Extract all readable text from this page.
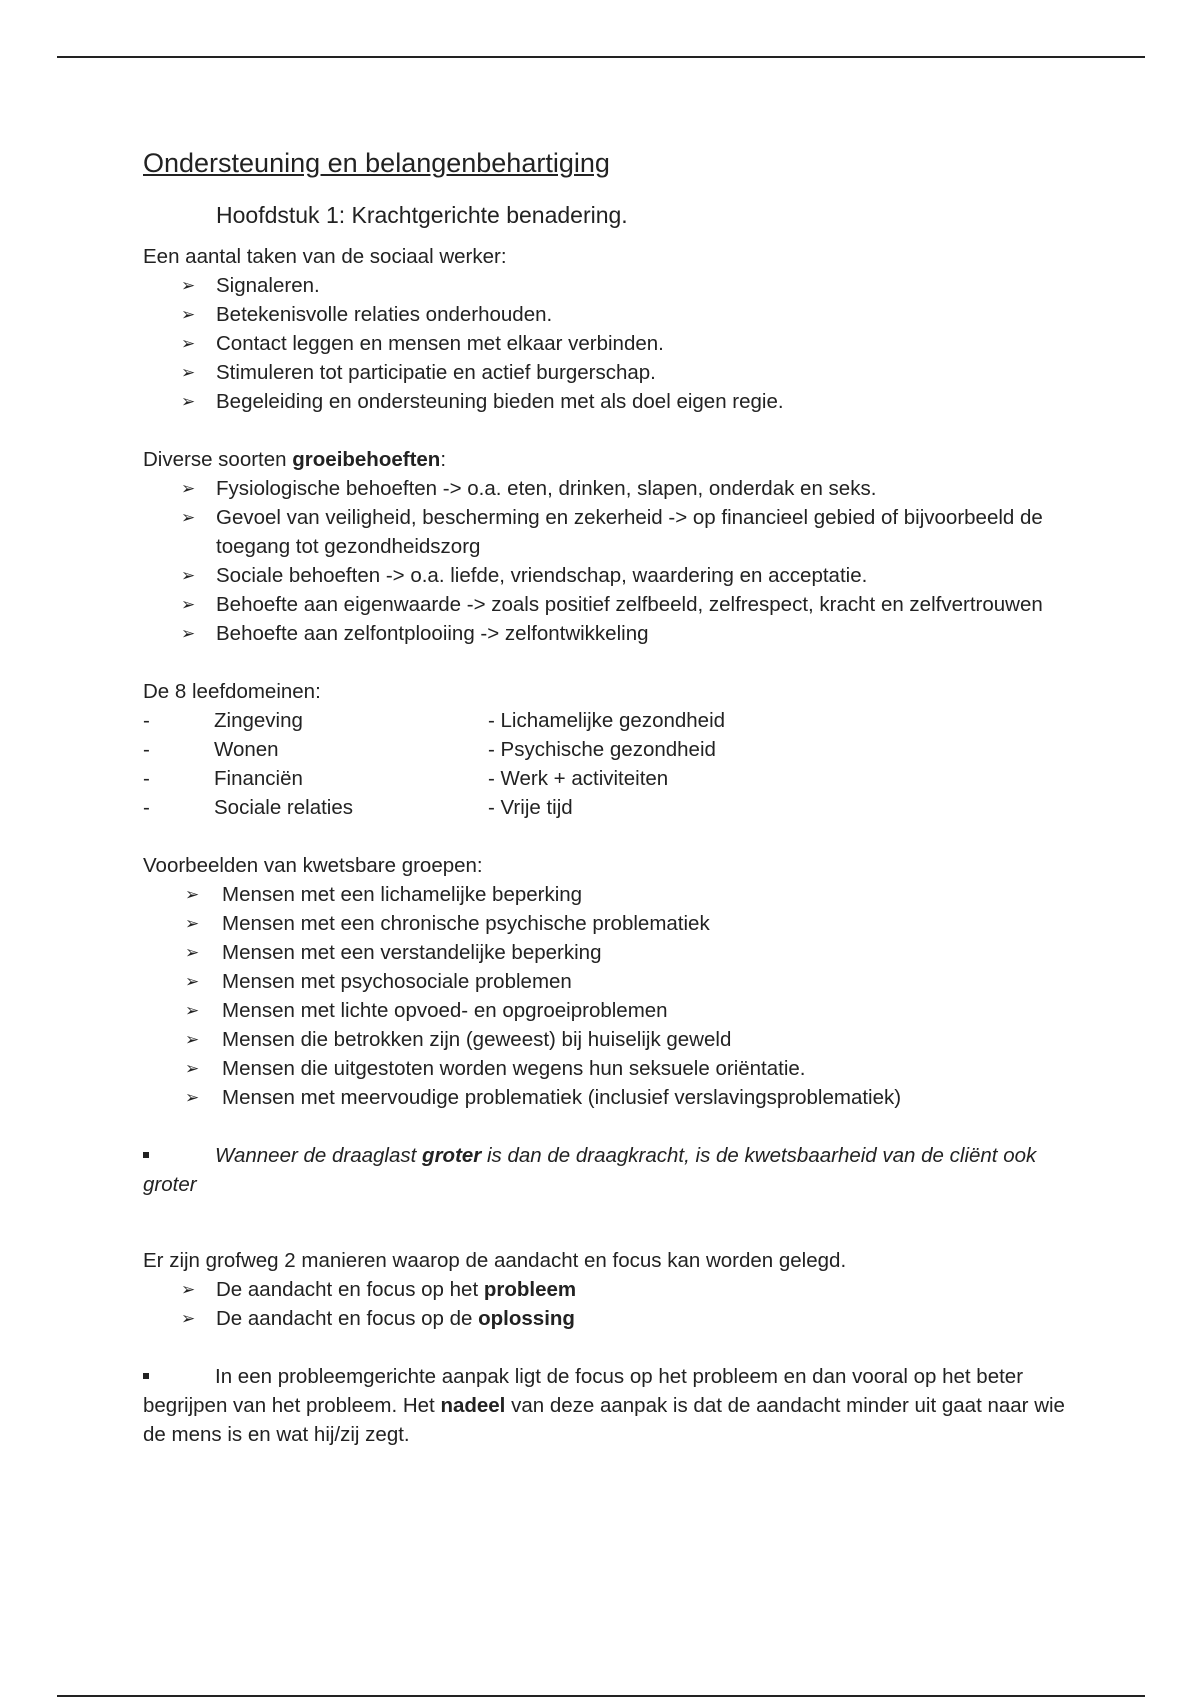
Ondersteuning en belangenbehartiging
Hoofdstuk 1: Krachtgerichte benadering.

Een aantal taken van de sociaal werker:

➢ Signaleren.
➢ Betekenisvolle relaties onderhouden.
➢ Contact leggen en mensen met elkaar verbinden.
➢ Stimuleren tot participatie en actief burgerschap.
➢ Begeleiding en ondersteuning bieden met als doel eigen regie.

Diverse soorten groeibehoeften:

➢ Fysiologische behoeften -> o.a. eten, drinken, slapen, onderdak en seks.
➢ Gevoel van veiligheid, bescherming en zekerheid -> op financieel gebied of bijvoorbeeld de toegang tot gezondheidszorg
➢ Sociale behoeften -> o.a. liefde, vriendschap, waardering en acceptatie.
➢ Behoefte aan eigenwaarde -> zoals positief zelfbeeld, zelfrespect, kracht en zelfvertrouwen
➢ Behoefte aan zelfontplooiing -> zelfontwikkeling

De 8 leefdomeinen:

-	Zingeving	- Lichamelijke gezondheid
-	Wonen	- Psychische gezondheid
-	Financiën	- Werk + activiteiten
-	Sociale relaties	- Vrije tijd

Voorbeelden van kwetsbare groepen:

➢ Mensen met een lichamelijke beperking
➢ Mensen met een chronische psychische problematiek
➢ Mensen met een verstandelijke beperking
➢ Mensen met psychosociale problemen
➢ Mensen met lichte opvoed- en opgroeiproblemen
➢ Mensen die betrokken zijn (geweest) bij huiselijk geweld
➢ Mensen die uitgestoten worden wegens hun seksuele oriëntatie.
➢ Mensen met meervoudige problematiek (inclusief verslavingsproblematiek)

Wanneer de draaglast groter is dan de draagkracht, is de kwetsbaarheid van de cliënt ook groter

Er zijn grofweg 2 manieren waarop de aandacht en focus kan worden gelegd.

➢ De aandacht en focus op het probleem
➢ De aandacht en focus op de oplossing

In een probleemgerichte aanpak ligt de focus op het probleem en dan vooral op het beter begrijpen van het probleem. Het nadeel van deze aanpak is dat de aandacht minder uit gaat naar wie de mens is en wat hij/zij zegt.
